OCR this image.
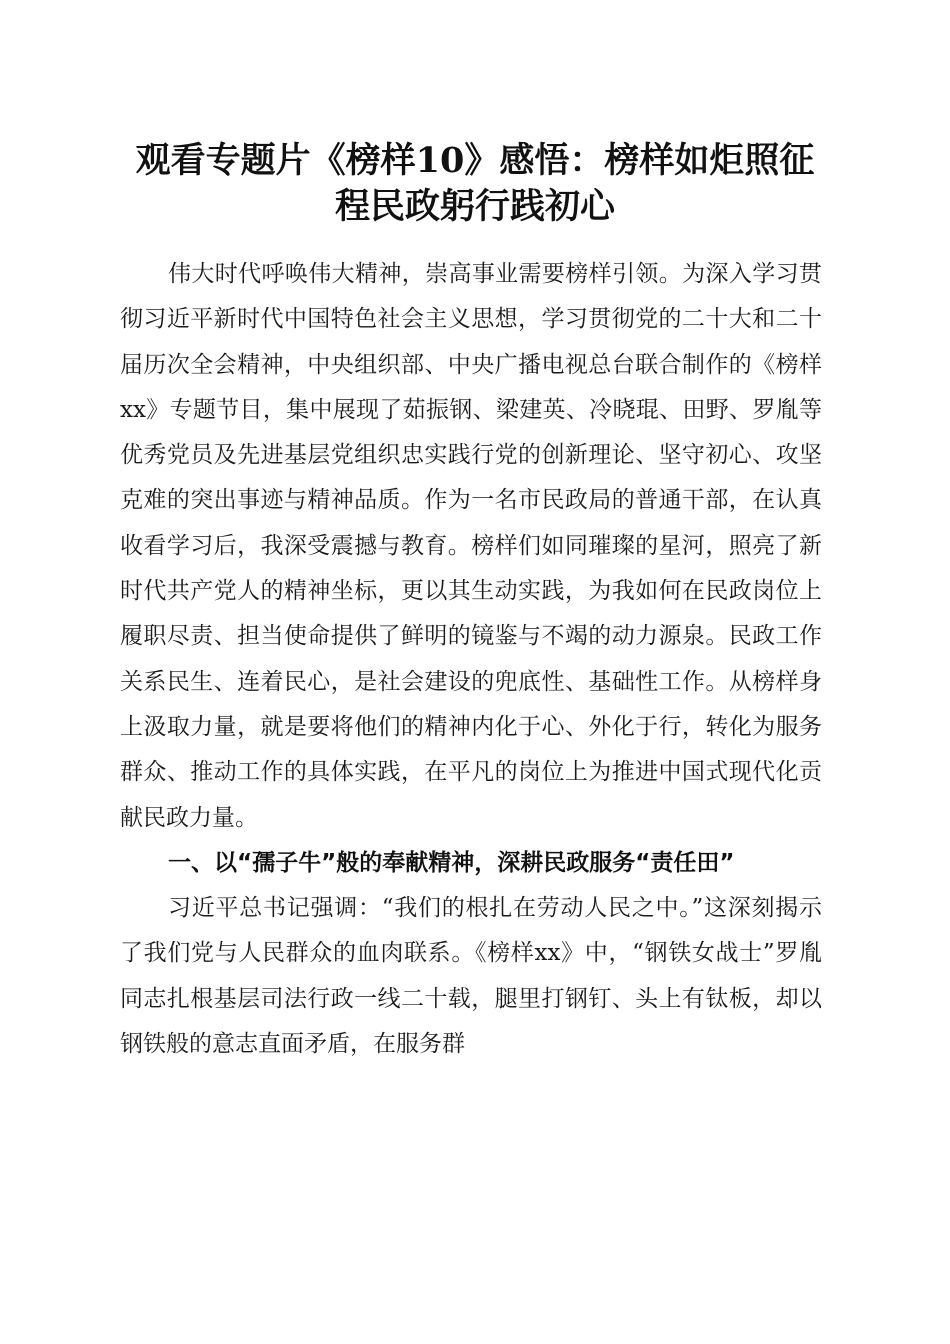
观看专题片《榜样10》感悟：榜样如炬照征
程民政躬行践初心

伟大时代呼唤伟大精神，崇高事业需要榜样引领。为深入学习贯彻习近平新时代中国特色社会主义思想，学习贯彻党的二十大和二十届历次全会精神，中央组织部、中央广播电视总台联合制作的《榜样xx》专题节目，集中展现了茹振钢、梁建英、冷晓琨、田野、罗胤等优秀党员及先进基层党组织忠实践行党的创新理论、坚守初心、攻坚克难的突出事迹与精神品质。作为一名市民政局的普通干部，在认真收看学习后，我深受震撼与教育。榜样们如同璀璨的星河，照亮了新时代共产党人的精神坐标，更以其生动实践，为我如何在民政岗位上履职尽责、担当使命提供了鲜明的镜鉴与不竭的动力源泉。民政工作关系民生、连着民心，是社会建设的兜底性、基础性工作。从榜样身上汲取力量，就是要将他们的精神内化于心、外化于行，转化为服务群众、推动工作的具体实践，在平凡的岗位上为推进中国式现代化贡献民政力量。

一、以“孺子牛”般的奉献精神，深耕民政服务“责任田”

习近平总书记强调：“我们的根扎在劳动人民之中。”这深刻揭示了我们党与人民群众的血肉联系。《榜样xx》中，“钢铁女战士”罗胤同志扎根基层司法行政一线二十载，腿里打钢钉、头上有钛板，却以钢铁般的意志直面矛盾，在服务群
